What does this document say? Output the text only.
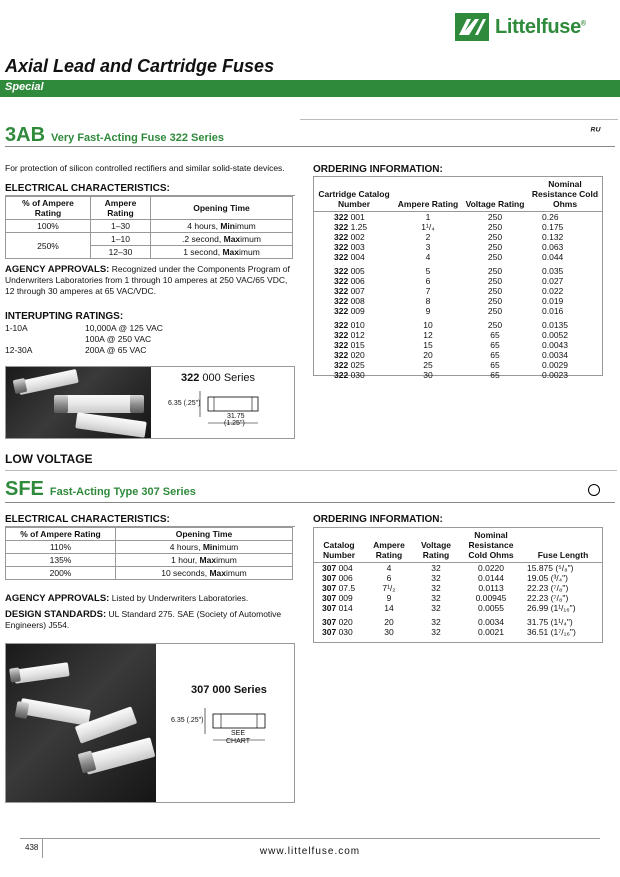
Littelfuse®
Axial Lead and Cartridge Fuses
Special
3AB Very Fast-Acting Fuse 322 Series
ᴿᵁ
For protection of silicon controlled rectifiers and similar solid-state devices.
ELECTRICAL CHARACTERISTICS:
% of Ampere Rating	Ampere Rating	Opening Time
100%	1–30	4 hours, Minimum
250%	1–10	.2 second, Maximum
	12–30	1 second, Maximum
AGENCY APPROVALS: Recognized under the Components Program of Underwriters Laboratories from 1 through 10 amperes at 250 VAC/65 VDC, 12 through 30 amperes at 65 VAC/VDC.
INTERUPTING RATINGS:
1-10A	10,000A @ 125 VAC
100A @ 250 VAC
12-30A	200A @ 65 VAC
322 000 Series
6.35 (.25")
31.75
(1.25")
ORDERING INFORMATION:
Cartridge Catalog Number	Ampere Rating	Voltage Rating	Nominal Resistance Cold Ohms
322 001	1	250	0.26
322 1.25	1¹/₄	250	0.175
322 002	2	250	0.132
322 003	3	250	0.063
322 004	4	250	0.044
322 005	5	250	0.035
322 006	6	250	0.027
322 007	7	250	0.022
322 008	8	250	0.019
322 009	9	250	0.016
322 010	10	250	0.0135
322 012	12	65	0.0052
322 015	15	65	0.0043
322 020	20	65	0.0034
322 025	25	65	0.0029
322 030	30	65	0.0023
LOW VOLTAGE
SFE Fast-Acting Type 307 Series
ELECTRICAL CHARACTERISTICS:
% of Ampere Rating	Opening Time
110%	4 hours, Minimum
135%	1 hour, Maximum
200%	10 seconds, Maximum
AGENCY APPROVALS: Listed by Underwriters Laboratories.
DESIGN STANDARDS: UL Standard 275. SAE (Society of Automotive Engineers) J554.
307 000 Series
6.35 (.25")
SEE
CHART
ORDERING INFORMATION:
Catalog Number	Ampere Rating	Voltage Rating	Nominal Resistance Cold Ohms	Fuse Length
307 004	4	32	0.0220	15.875 (⁵/₈")
307 006	6	32	0.0144	19.05 (³/₄")
307 07.5	7¹/₂	32	0.0113	22.23 (⁷/₈")
307 009	9	32	0.00945	22.23 (⁷/₈")
307 014	14	32	0.0055	26.99 (1¹/₁₆")
307 020	20	32	0.0034	31.75 (1¹/₄")
307 030	30	32	0.0021	36.51 (1⁷/₁₆")
438	www.littelfuse.com
